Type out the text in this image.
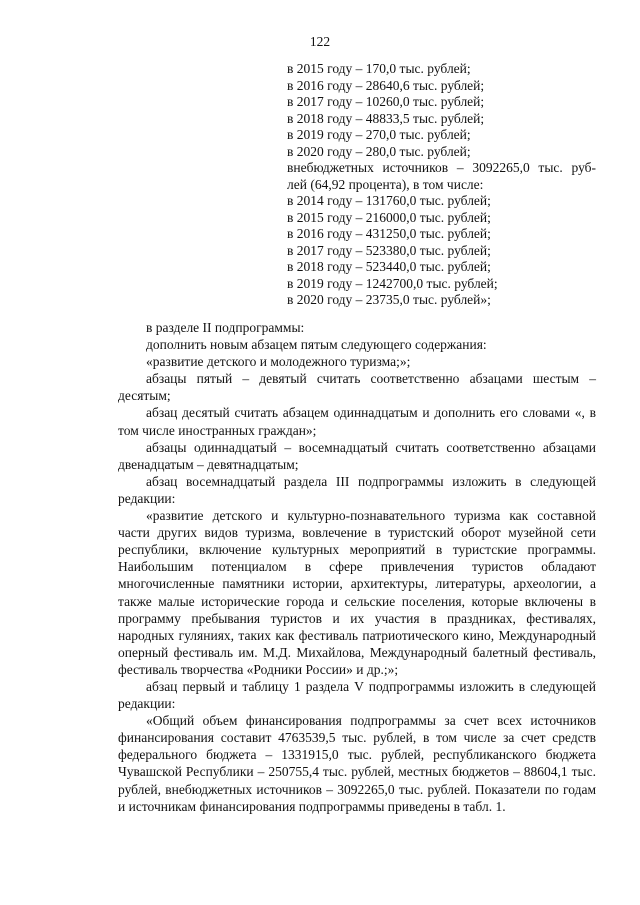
122
в 2015 году – 170,0 тыс. рублей;
в 2016 году – 28640,6 тыс. рублей;
в 2017 году – 10260,0 тыс. рублей;
в 2018 году – 48833,5 тыс. рублей;
в 2019 году – 270,0 тыс. рублей;
в 2020 году – 280,0 тыс. рублей;
внебюджетных источников – 3092265,0 тыс. руб-
лей (64,92 процента), в том числе:
в 2014 году – 131760,0 тыс. рублей;
в 2015 году – 216000,0 тыс. рублей;
в 2016 году – 431250,0 тыс. рублей;
в 2017 году – 523380,0 тыс. рублей;
в 2018 году – 523440,0 тыс. рублей;
в 2019 году – 1242700,0 тыс. рублей;
в 2020 году – 23735,0 тыс. рублей»;

в разделе II подпрограммы:

дополнить новым абзацем пятым следующего содержания:

«развитие детского и молодежного туризма;»;

абзацы пятый – девятый считать соответственно абзацами шестым – десятым;

абзац десятый считать абзацем одиннадцатым и дополнить его словами «, в том числе иностранных граждан»;

абзацы одиннадцатый – восемнадцатый считать соответственно абзацами двенадцатым – девятнадцатым;

абзац восемнадцатый раздела III подпрограммы изложить в следующей редакции:

«развитие детского и культурно-познавательного туризма как составной части других видов туризма, вовлечение в туристский оборот музейной сети республики, включение культурных мероприятий в туристские программы. Наибольшим потенциалом в сфере привлечения туристов обладают многочисленные памятники истории, архитектуры, литературы, археологии, а также малые исторические города и сельские поселения, которые включены в программу пребывания туристов и их участия в праздниках, фестивалях, народных гуляниях, таких как фестиваль патриотического кино, Международный оперный фестиваль им. М.Д. Михайлова, Международный балетный фестиваль, фестиваль творчества «Родники России» и др.;»;

абзац первый и таблицу 1 раздела V подпрограммы изложить в следующей редакции:

«Общий объем финансирования подпрограммы за счет всех источников финансирования составит 4763539,5 тыс. рублей, в том числе за счет средств федерального бюджета – 1331915,0 тыс. рублей, республиканского бюджета Чувашской Республики – 250755,4 тыс. рублей, местных бюджетов – 88604,1 тыс. рублей, внебюджетных источников – 3092265,0 тыс. рублей. Показатели по годам и источникам финансирования подпрограммы приведены в табл. 1.
